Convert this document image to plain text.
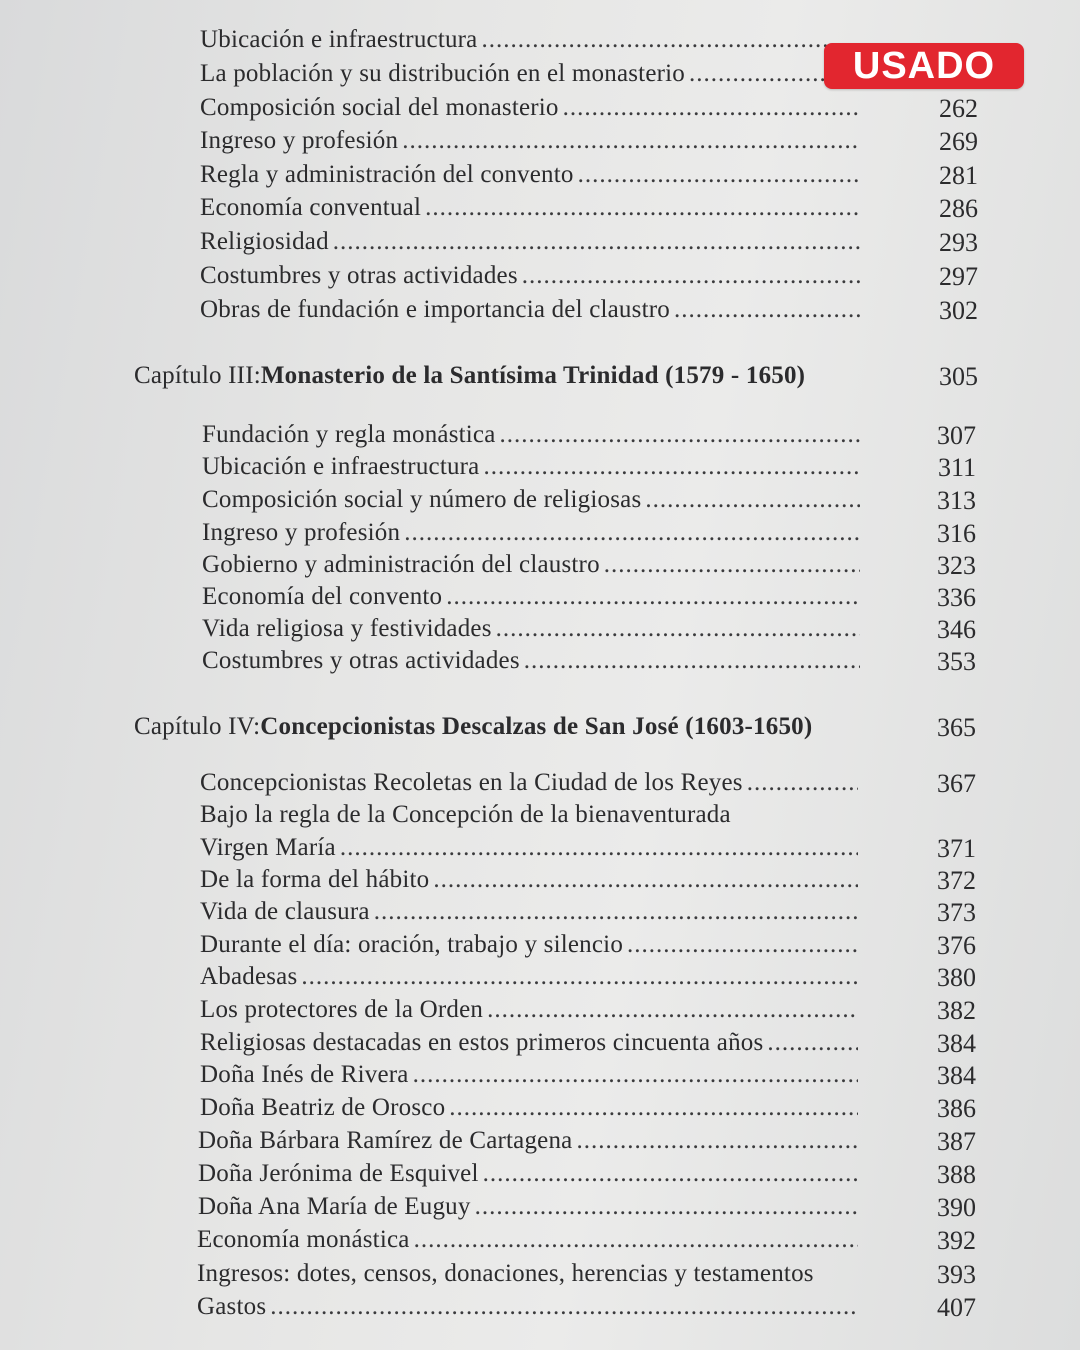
Ubicación e infraestructura
.....
La población y su distribución en el monasterio
.....
Composición social del monasterio .....	262
Ingreso y profesión .....	269
Regla y administración del convento .....	281
Economía conventual .....	286
Religiosidad .....	293
Costumbres y otras actividades .....	297
Obras de fundación e importancia del claustro .....	302
Capítulo III: Monasterio de la Santísima Trinidad (1579 - 1650)	305
Fundación y regla monástica .....	307
Ubicación e infraestructura .....	311
Composición social y número de religiosas .....	313
Ingreso y profesión .....	316
Gobierno y administración del claustro .....	323
Economía del convento .....	336
Vida religiosa y festividades .....	346
Costumbres y otras actividades .....	353
Capítulo IV: Concepcionistas Descalzas de San José (1603-1650)	365
Concepcionistas Recoletas en la Ciudad de los Reyes .....	367
Bajo la regla de la Concepción de la bienaventurada
Virgen María .....	371
De la forma del hábito .....	372
Vida de clausura .....	373
Durante el día: oración, trabajo y silencio .....	376
Abadesas .....	380
Los protectores de la Orden .....	382
Religiosas destacadas en estos primeros cincuenta años .....	384
Doña Inés de Rivera .....	384
Doña Beatriz de Orosco .....	386
Doña Bárbara Ramírez de Cartagena .....	387
Doña Jerónima de Esquivel .....	388
Doña Ana María de Euguy .....	390
Economía monástica .....	392
Ingresos: dotes, censos, donaciones, herencias y testamentos	393
Gastos .....	407
USADO
